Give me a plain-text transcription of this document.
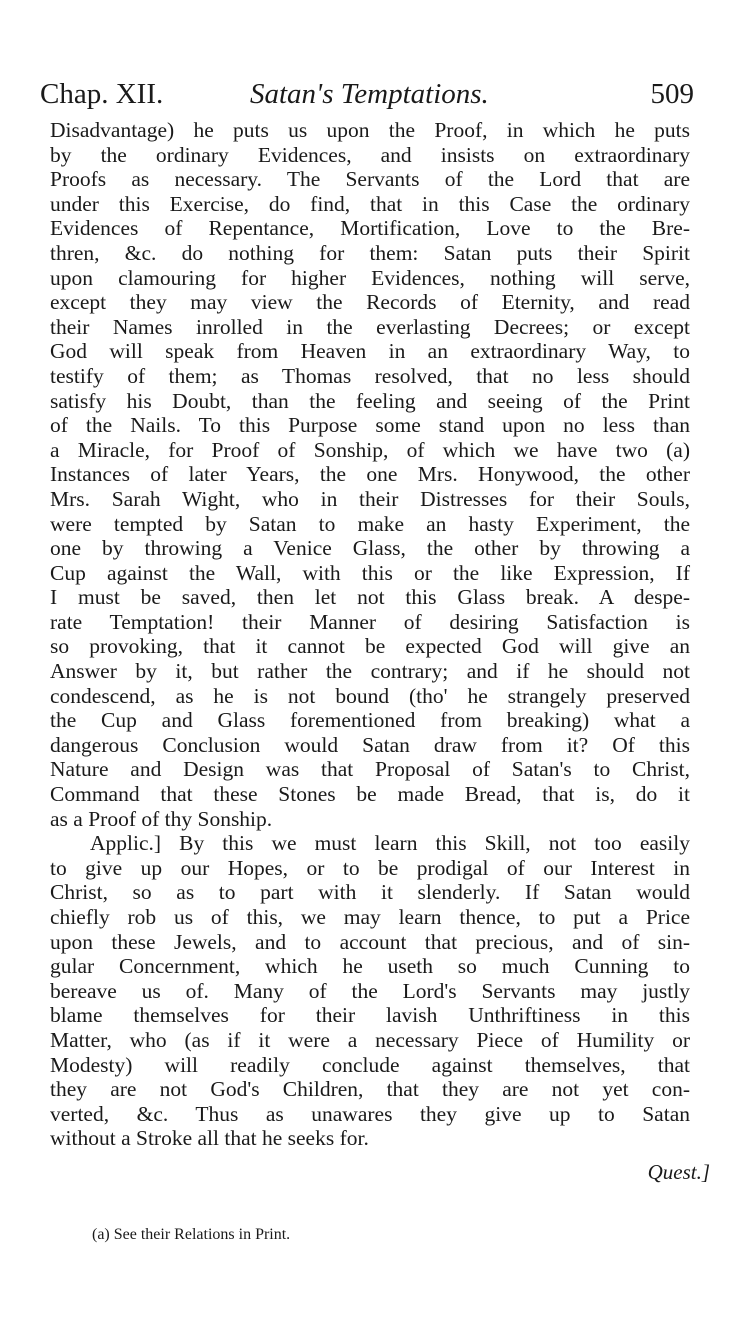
Chap. XII.	Satan's Temptations.	509
Disadvantage) he puts us upon the Proof, in which he puts
by the ordinary Evidences, and insists on extraordinary
Proofs as necessary. The Servants of the Lord that are
under this Exercise, do find, that in this Case the ordinary
Evidences of Repentance, Mortification, Love to the Bre-
thren, &c. do nothing for them: Satan puts their Spirit
upon clamouring for higher Evidences, nothing will serve,
except they may view the Records of Eternity, and read
their Names inrolled in the everlasting Decrees; or except
God will speak from Heaven in an extraordinary Way, to
testify of them; as Thomas resolved, that no less should
satisfy his Doubt, than the feeling and seeing of the Print
of the Nails. To this Purpose some stand upon no less than
a Miracle, for Proof of Sonship, of which we have two (a)
Instances of later Years, the one Mrs. Honywood, the other
Mrs. Sarah Wight, who in their Distresses for their Souls,
were tempted by Satan to make an hasty Experiment, the
one by throwing a Venice Glass, the other by throwing a
Cup against the Wall, with this or the like Expression, If
I must be saved, then let not this Glass break. A despe-
rate Temptation! their Manner of desiring Satisfaction is
so provoking, that it cannot be expected God will give an
Answer by it, but rather the contrary; and if he should not
condescend, as he is not bound (tho' he strangely preserved
the Cup and Glass forementioned from breaking) what a
dangerous Conclusion would Satan draw from it? Of this
Nature and Design was that Proposal of Satan's to Christ,
Command that these Stones be made Bread, that is, do it
as a Proof of thy Sonship.
Applic.] By this we must learn this Skill, not too easily
to give up our Hopes, or to be prodigal of our Interest in
Christ, so as to part with it slenderly. If Satan would
chiefly rob us of this, we may learn thence, to put a Price
upon these Jewels, and to account that precious, and of sin-
gular Concernment, which he useth so much Cunning to
bereave us of. Many of the Lord's Servants may justly
blame themselves for their lavish Unthriftiness in this
Matter, who (as if it were a necessary Piece of Humility or
Modesty) will readily conclude against themselves, that
they are not God's Children, that they are not yet con-
verted, &c. Thus as unawares they give up to Satan
without a Stroke all that he seeks for.
Quest.]
(a) See their Relations in Print.
